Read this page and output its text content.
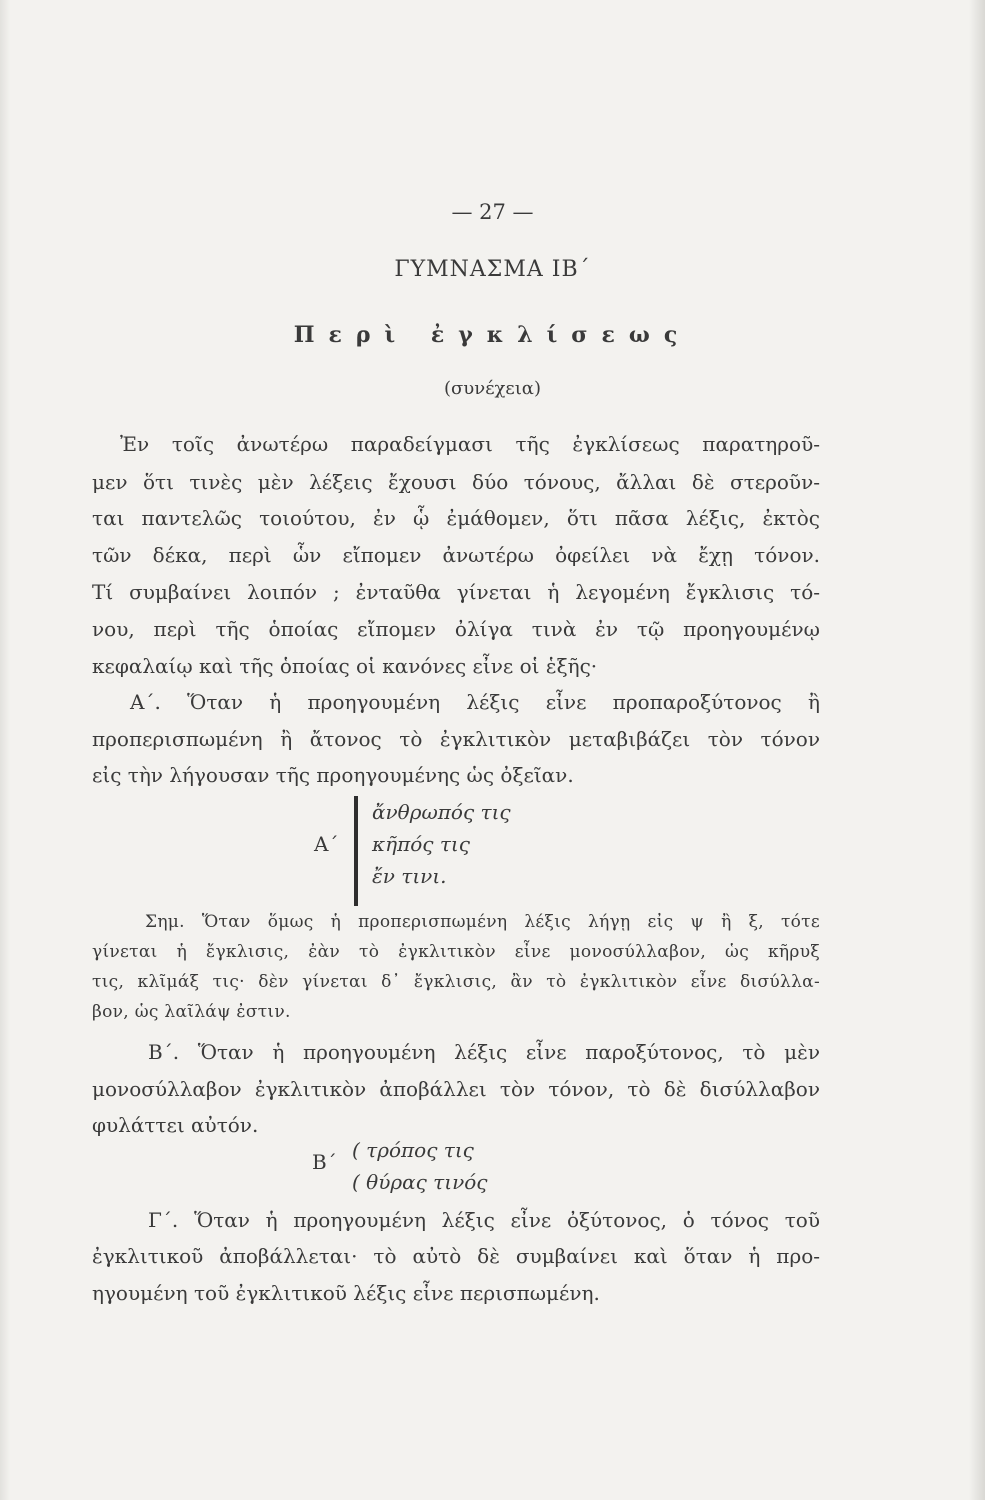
— 27 —
ΓΥΜΝΑΣΜΑ ΙΒ΄
Περὶ ἐγκλίσεως
(συνέχεια)
Ἐν τοῖς ἀνωτέρω παραδείγμασι τῆς ἐγκλίσεως παρατηροῦ-
μεν ὅτι τινὲς μὲν λέξεις ἔχουσι δύο τόνους, ἄλλαι δὲ στεροῦν-
ται παντελῶς τοιούτου, ἐν ᾧ ἐμάθομεν, ὅτι πᾶσα λέξις, ἐκτὸς
τῶν δέκα, περὶ ὧν εἴπομεν ἀνωτέρω ὀφείλει νὰ ἔχῃ τόνον.
Τί συμβαίνει λοιπόν ; ἐνταῦθα γίνεται ἡ λεγομένη ἔγκλισις τό-
νου, περὶ τῆς ὁποίας εἴπομεν ὀλίγα τινὰ ἐν τῷ προηγουμένῳ
κεφαλαίῳ καὶ τῆς ὁποίας οἱ κανόνες εἶνε οἱ ἑξῆς·
Α΄. Ὅταν ἡ προηγουμένη λέξις εἶνε προπαροξύτονος ἢ
προπερισπωμένη ἢ ἄτονος τὸ ἐγκλιτικὸν μεταβιβάζει τὸν τόνον
εἰς τὴν λήγουσαν τῆς προηγουμένης ὡς ὀξεῖαν.
Α΄
ἄνθρωπός τις
κῆπός τις
ἔν τινι.
Σημ. Ὅταν ὅμως ἡ προπερισπωμένη λέξις λήγῃ εἰς ψ ἢ ξ, τότε
γίνεται ἡ ἔγκλισις, ἐὰν τὸ ἐγκλιτικὸν εἶνε μονοσύλλαβον, ὡς κῆρυξ
τις, κλῖμάξ τις· δὲν γίνεται δ᾽ ἔγκλισις, ἂν τὸ ἐγκλιτικὸν εἶνε δισύλλα-
βον, ὡς λαῖλάψ ἐστιν.
Β΄. Ὅταν ἡ προηγουμένη λέξις εἶνε παροξύτονος, τὸ μὲν
μονοσύλλαβον ἐγκλιτικὸν ἀποβάλλει τὸν τόνον, τὸ δὲ δισύλλαβον
φυλάττει αὐτόν.
Β΄ ( τρόπος τις
( θύρας τινός
Γ΄. Ὅταν ἡ προηγουμένη λέξις εἶνε ὀξύτονος, ὁ τόνος τοῦ
ἐγκλιτικοῦ ἀποβάλλεται· τὸ αὐτὸ δὲ συμβαίνει καὶ ὅταν ἡ προ-
ηγουμένη τοῦ ἐγκλιτικοῦ λέξις εἶνε περισπωμένη.
